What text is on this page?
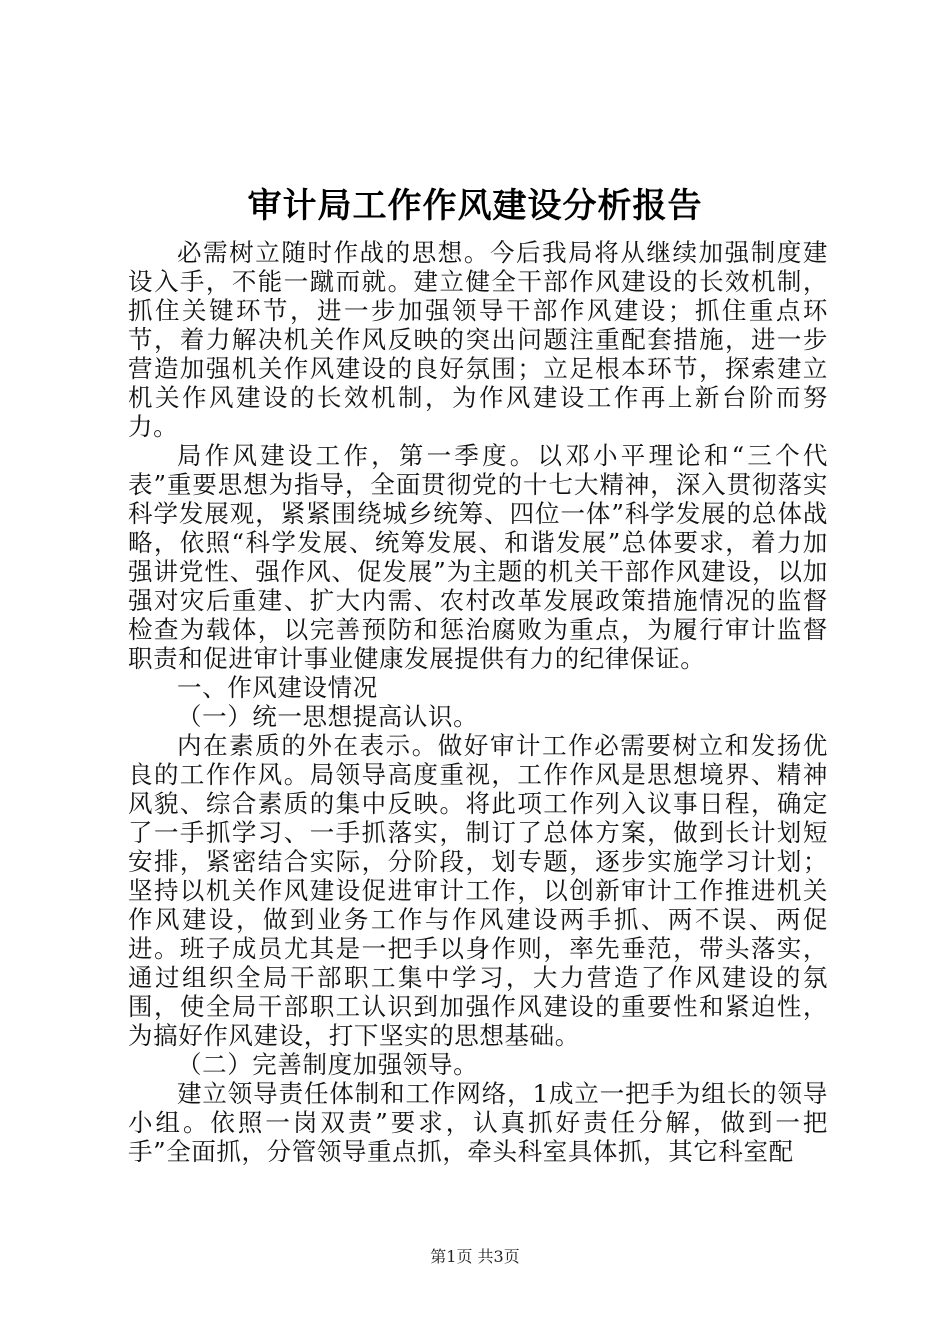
审计局工作作风建设分析报告

必需树立随时作战的思想。今后我局将从继续加强制度建设入手，不能一蹴而就。建立健全干部作风建设的长效机制，抓住关键环节，进一步加强领导干部作风建设；抓住重点环节，着力解决机关作风反映的突出问题注重配套措施，进一步营造加强机关作风建设的良好氛围；立足根本环节，探索建立机关作风建设的长效机制，为作风建设工作再上新台阶而努力。

局作风建设工作，第一季度。以邓小平理论和“三个代表”重要思想为指导，全面贯彻党的十七大精神，深入贯彻落实科学发展观，紧紧围绕城乡统筹、四位一体”科学发展的总体战略，依照“科学发展、统筹发展、和谐发展”总体要求，着力加强讲党性、强作风、促发展”为主题的机关干部作风建设，以加强对灾后重建、扩大内需、农村改革发展政策措施情况的监督检查为载体，以完善预防和惩治腐败为重点，为履行审计监督职责和促进审计事业健康发展提供有力的纪律保证。

一、作风建设情况

（一）统一思想提高认识。

内在素质的外在表示。做好审计工作必需要树立和发扬优良的工作作风。局领导高度重视，工作作风是思想境界、精神风貌、综合素质的集中反映。将此项工作列入议事日程，确定了一手抓学习、一手抓落实，制订了总体方案，做到长计划短安排，紧密结合实际，分阶段，划专题，逐步实施学习计划；坚持以机关作风建设促进审计工作，以创新审计工作推进机关作风建设，做到业务工作与作风建设两手抓、两不误、两促进。班子成员尤其是一把手以身作则，率先垂范，带头落实，通过组织全局干部职工集中学习，大力营造了作风建设的氛围，使全局干部职工认识到加强作风建设的重要性和紧迫性，为搞好作风建设，打下坚实的思想基础。

（二）完善制度加强领导。

建立领导责任体制和工作网络，1成立一把手为组长的领导小组。依照一岗双责”要求，认真抓好责任分解，做到一把手”全面抓，分管领导重点抓，牵头科室具体抓，其它科室配

第1页 共3页
